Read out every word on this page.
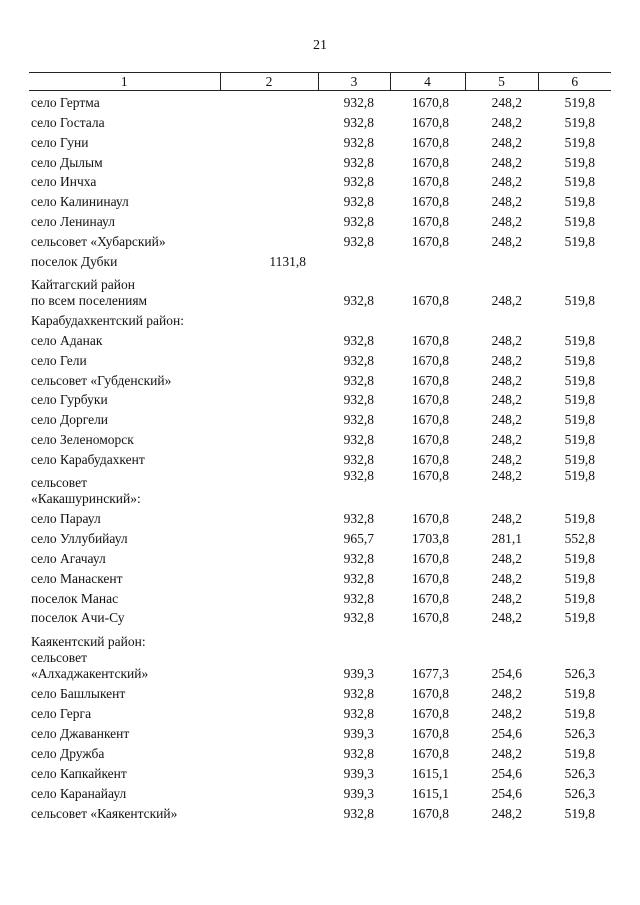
21
1	2	3	4	5	6

село Гертма		932,8	1670,8	248,2	519,8

село Гостала		932,8	1670,8	248,2	519,8

село Гуни		932,8	1670,8	248,2	519,8

село Дылым		932,8	1670,8	248,2	519,8

село Инчха		932,8	1670,8	248,2	519,8

село Калининаул		932,8	1670,8	248,2	519,8

село Ленинаул		932,8	1670,8	248,2	519,8

сельсовет «Хубарский»		932,8	1670,8	248,2	519,8

поселок Дубки	1131,8				

Кайтагский район
по всем поселениям		932,8	1670,8	248,2	519,8

Карабудахкентский район:					

село Аданак		932,8	1670,8	248,2	519,8

село Гели		932,8	1670,8	248,2	519,8

сельсовет «Губденский»		932,8	1670,8	248,2	519,8

село Гурбуки		932,8	1670,8	248,2	519,8

село Доргели		932,8	1670,8	248,2	519,8

село Зеленоморск		932,8	1670,8	248,2	519,8

село Карабудахкент		932,8	1670,8	248,2	519,8

сельсовет
«Какашуринский»:		932,8	1670,8	248,2	519,8

село Параул		932,8	1670,8	248,2	519,8

село Уллубийаул		965,7	1703,8	281,1	552,8

село Агачаул		932,8	1670,8	248,2	519,8

село Манаскент		932,8	1670,8	248,2	519,8

поселок Манас		932,8	1670,8	248,2	519,8

поселок Ачи-Су		932,8	1670,8	248,2	519,8

Каякентский район:
сельсовет
«Алхаджакентский»		939,3	1677,3	254,6	526,3

село Башлыкент		932,8	1670,8	248,2	519,8

село Герга		932,8	1670,8	248,2	519,8

село Джаванкент		939,3	1670,8	254,6	526,3

село Дружба		932,8	1670,8	248,2	519,8

село Капкайкент		939,3	1615,1	254,6	526,3

село Каранайаул		939,3	1615,1	254,6	526,3

сельсовет «Каякентский»		932,8	1670,8	248,2	519,8
